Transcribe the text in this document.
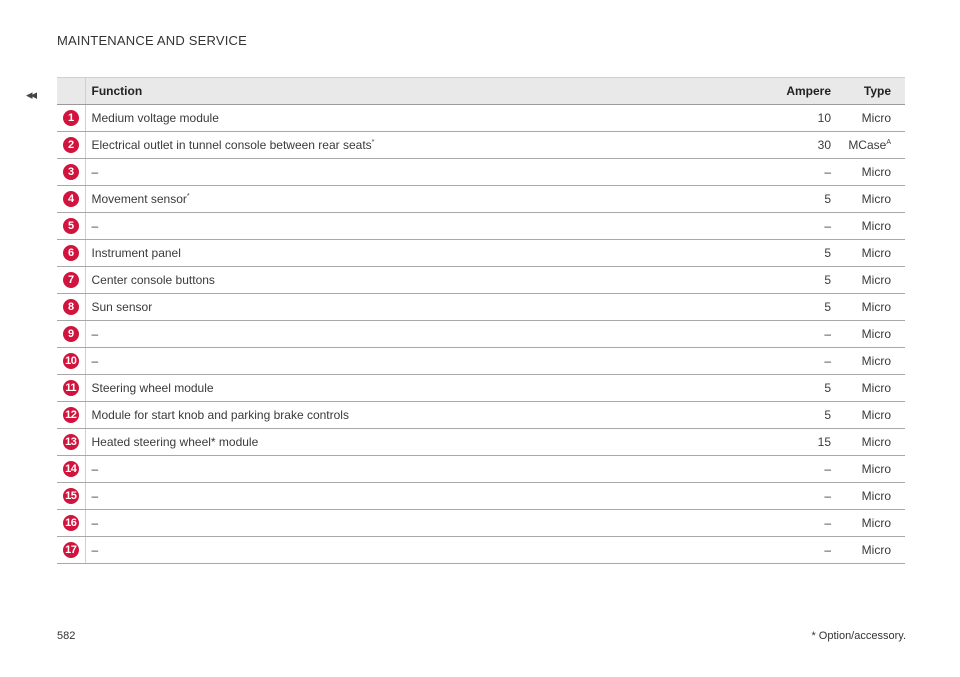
MAINTENANCE AND SERVICE
◂◂
		Function	Ampere	Type
1	Medium voltage module	10	Micro
2	Electrical outlet in tunnel console between rear seats*	30	MCase$^A$
3	–	–	Micro
4	Movement sensor*	5	Micro
5	–	–	Micro
6	Instrument panel	5	Micro
7	Center console buttons	5	Micro
8	Sun sensor	5	Micro
9	–	–	Micro
10	–	–	Micro
11	Steering wheel module	5	Micro
12	Module for start knob and parking brake controls	5	Micro
13	Heated steering wheel* module	15	Micro
14	–	–	Micro
15	–	–	Micro
16	–	–	Micro
17	–	–	Micro
582	* Option/accessory.
